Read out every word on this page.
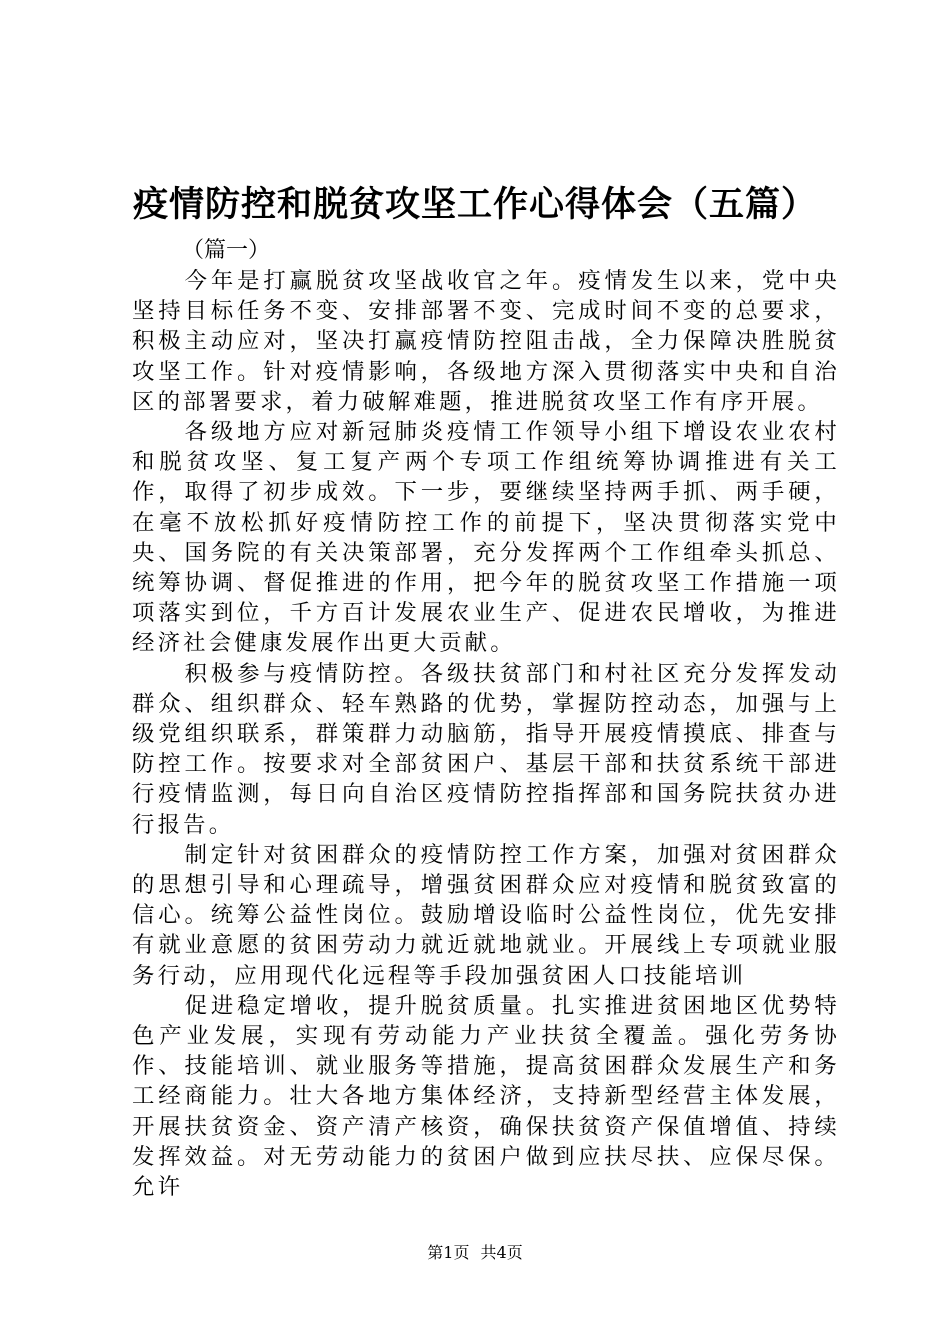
疫情防控和脱贫攻坚工作心得体会（五篇）
（篇一）

今年是打赢脱贫攻坚战收官之年。疫情发生以来，党中央坚持目标任务不变、安排部署不变、完成时间不变的总要求，积极主动应对，坚决打赢疫情防控阻击战，全力保障决胜脱贫攻坚工作。针对疫情影响，各级地方深入贯彻落实中央和自治区的部署要求，着力破解难题，推进脱贫攻坚工作有序开展。

各级地方应对新冠肺炎疫情工作领导小组下增设农业农村和脱贫攻坚、复工复产两个专项工作组统筹协调推进有关工作，取得了初步成效。下一步，要继续坚持两手抓、两手硬，在毫不放松抓好疫情防控工作的前提下，坚决贯彻落实党中央、国务院的有关决策部署，充分发挥两个工作组牵头抓总、统筹协调、督促推进的作用，把今年的脱贫攻坚工作措施一项项落实到位，千方百计发展农业生产、促进农民增收，为推进经济社会健康发展作出更大贡献。

积极参与疫情防控。各级扶贫部门和村社区充分发挥发动群众、组织群众、轻车熟路的优势，掌握防控动态，加强与上级党组织联系，群策群力动脑筋，指导开展疫情摸底、排查与防控工作。按要求对全部贫困户、基层干部和扶贫系统干部进行疫情监测，每日向自治区疫情防控指挥部和国务院扶贫办进行报告。

制定针对贫困群众的疫情防控工作方案，加强对贫困群众的思想引导和心理疏导，增强贫困群众应对疫情和脱贫致富的信心。统筹公益性岗位。鼓励增设临时公益性岗位，优先安排有就业意愿的贫困劳动力就近就地就业。开展线上专项就业服务行动，应用现代化远程等手段加强贫困人口技能培训

促进稳定增收，提升脱贫质量。扎实推进贫困地区优势特色产业发展，实现有劳动能力产业扶贫全覆盖。强化劳务协作、技能培训、就业服务等措施，提高贫困群众发展生产和务工经商能力。壮大各地方集体经济，支持新型经营主体发展，开展扶贫资金、资产清产核资，确保扶贫资产保值增值、持续发挥效益。对无劳动能力的贫困户做到应扶尽扶、应保尽保。允许

第1页 共4页
